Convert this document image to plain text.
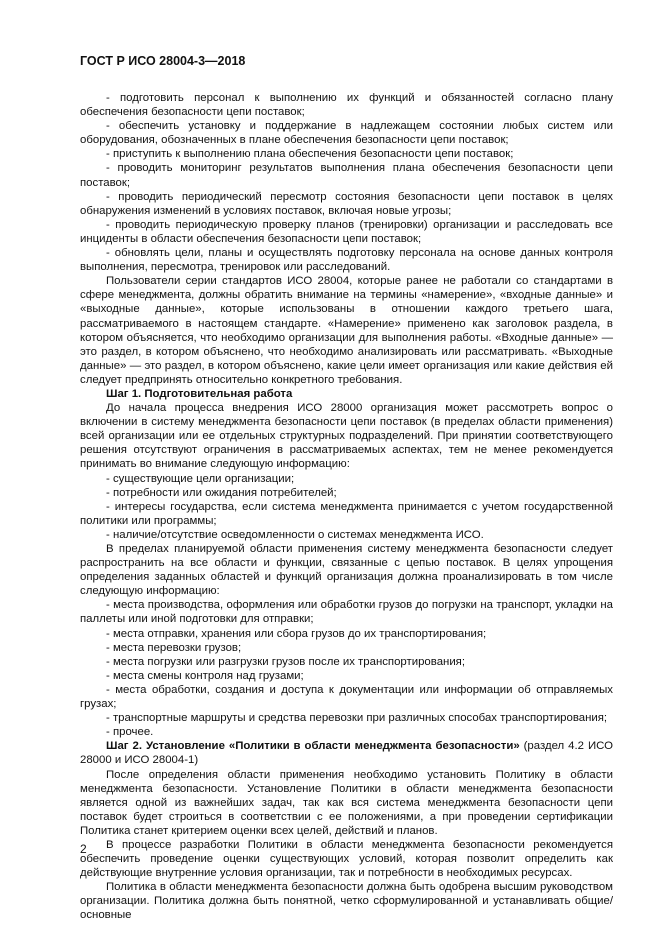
ГОСТ Р ИСО 28004-3—2018

- подготовить персонал к выполнению их функций и обязанностей согласно плану обеспечения безопасности цепи поставок;

- обеспечить установку и поддержание в надлежащем состоянии любых систем или оборудования, обозначенных в плане обеспечения безопасности цепи поставок;

- приступить к выполнению плана обеспечения безопасности цепи поставок;

- проводить мониторинг результатов выполнения плана обеспечения безопасности цепи поставок;

- проводить периодический пересмотр состояния безопасности цепи поставок в целях обнаружения изменений в условиях поставок, включая новые угрозы;

- проводить периодическую проверку планов (тренировки) организации и расследовать все инциденты в области обеспечения безопасности цепи поставок;

- обновлять цели, планы и осуществлять подготовку персонала на основе данных контроля выполнения, пересмотра, тренировок или расследований.

Пользователи серии стандартов ИСО 28004, которые ранее не работали со стандартами в сфере менеджмента, должны обратить внимание на термины «намерение», «входные данные» и «выходные данные», которые использованы в отношении каждого третьего шага, рассматриваемого в настоящем стандарте. «Намерение» применено как заголовок раздела, в котором объясняется, что необходимо организации для выполнения работы. «Входные данные» — это раздел, в котором объяснено, что необходимо анализировать или рассматривать. «Выходные данные» — это раздел, в котором объяснено, какие цели имеет организация или какие действия ей следует предпринять относительно конкретного требования.

Шаг 1. Подготовительная работа

До начала процесса внедрения ИСО 28000 организация может рассмотреть вопрос о включении в систему менеджмента безопасности цепи поставок (в пределах области применения) всей организации или ее отдельных структурных подразделений. При принятии соответствующего решения отсутствуют ограничения в рассматриваемых аспектах, тем не менее рекомендуется принимать во внимание следующую информацию:

- существующие цели организации;

- потребности или ожидания потребителей;

- интересы государства, если система менеджмента принимается с учетом государственной политики или программы;

- наличие/отсутствие осведомленности о системах менеджмента ИСО.

В пределах планируемой области применения систему менеджмента безопасности следует распространить на все области и функции, связанные с цепью поставок. В целях упрощения определения заданных областей и функций организация должна проанализировать в том числе следующую информацию:

- места производства, оформления или обработки грузов до погрузки на транспорт, укладки на паллеты или иной подготовки для отправки;

- места отправки, хранения или сбора грузов до их транспортирования;

- места перевозки грузов;

- места погрузки или разгрузки грузов после их транспортирования;

- места смены контроля над грузами;

- места обработки, создания и доступа к документации или информации об отправляемых грузах;

- транспортные маршруты и средства перевозки при различных способах транспортирования;

- прочее.

Шаг 2. Установление «Политики в области менеджмента безопасности» (раздел 4.2 ИСО 28000 и ИСО 28004-1)

После определения области применения необходимо установить Политику в области менеджмента безопасности. Установление Политики в области менеджмента безопасности является одной из важнейших задач, так как вся система менеджмента безопасности цепи поставок будет строиться в соответствии с ее положениями, а при проведении сертификации Политика станет критерием оценки всех целей, действий и планов.

В процессе разработки Политики в области менеджмента безопасности рекомендуется обеспечить проведение оценки существующих условий, которая позволит определить как действующие внутренние условия организации, так и потребности в необходимых ресурсах.

Политика в области менеджмента безопасности должна быть одобрена высшим руководством организации. Политика должна быть понятной, четко сформулированной и устанавливать общие/основные

2
